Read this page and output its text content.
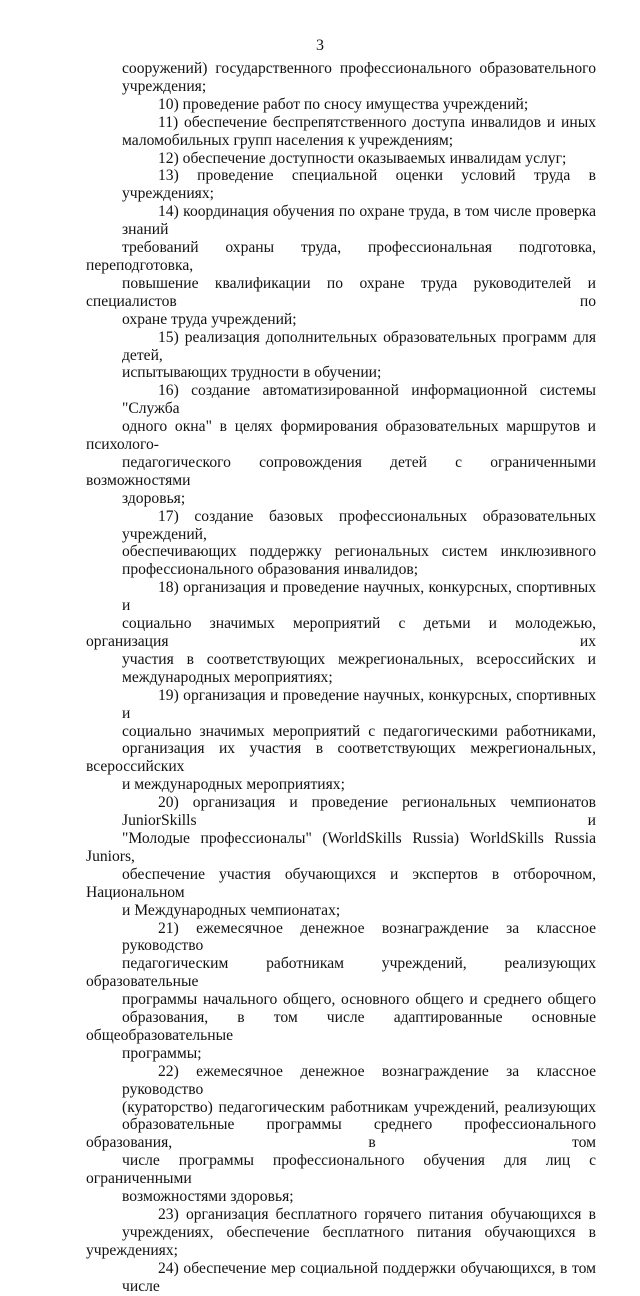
3
сооружений) государственного профессионального образовательного
учреждения;
10) проведение работ по сносу имущества учреждений;
11) обеспечение беспрепятственного доступа инвалидов и иных
маломобильных групп населения к учреждениям;
12) обеспечение доступности оказываемых инвалидам услуг;
13) проведение специальной оценки условий труда в учреждениях;
14) координация обучения по охране труда, в том числе проверка знаний
требований охраны труда, профессиональная подготовка, переподготовка,
повышение квалификации по охране труда руководителей и специалистов по
охране труда учреждений;
15) реализация дополнительных образовательных программ для детей,
испытывающих трудности в обучении;
16) создание автоматизированной информационной системы "Служба
одного окна" в целях формирования образовательных маршрутов и психолого-
педагогического сопровождения детей с ограниченными возможностями
здоровья;
17) создание базовых профессиональных образовательных учреждений,
обеспечивающих поддержку региональных систем инклюзивного
профессионального образования инвалидов;
18) организация и проведение научных, конкурсных, спортивных и
социально значимых мероприятий с детьми и молодежью, организация их
участия в соответствующих межрегиональных, всероссийских и
международных мероприятиях;
19) организация и проведение научных, конкурсных, спортивных и
социально значимых мероприятий с педагогическими работниками,
организация их участия в соответствующих межрегиональных, всероссийских
и международных мероприятиях;
20) организация и проведение региональных чемпионатов JuniorSkills и
"Молодые профессионалы" (WorldSkills Russia) WorldSkills Russia Juniors,
обеспечение участия обучающихся и экспертов в отборочном, Национальном
и Международных чемпионатах;
21) ежемесячное денежное вознаграждение за классное руководство
педагогическим работникам учреждений, реализующих образовательные
программы начального общего, основного общего и среднего общего
образования, в том числе адаптированные основные общеобразовательные
программы;
22) ежемесячное денежное вознаграждение за классное руководство
(кураторство) педагогическим работникам учреждений, реализующих
образовательные программы среднего профессионального образования, в том
числе программы профессионального обучения для лиц с ограниченными
возможностями здоровья;
23) организация бесплатного горячего питания обучающихся в
учреждениях, обеспечение бесплатного питания обучающихся в учреждениях;
24) обеспечение мер социальной поддержки обучающихся, в том числе
